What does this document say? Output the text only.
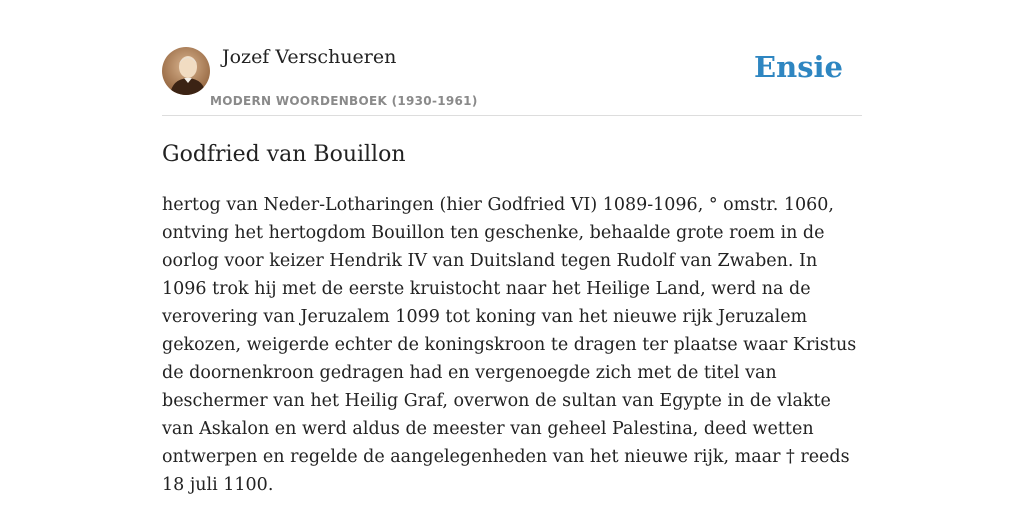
Jozef Verschueren
MODERN WOORDENBOEK (1930-1961)
Ensie
Godfried van Bouillon

hertog van Neder-Lotharingen (hier Godfried VI) 1089-1096, ° omstr. 1060, ontving het hertogdom Bouillon ten geschenke, behaalde grote roem in de oorlog voor keizer Hendrik IV van Duitsland tegen Rudolf van Zwaben. In 1096 trok hij met de eerste kruistocht naar het Heilige Land, werd na de verovering van Jeruzalem 1099 tot koning van het nieuwe rijk Jeruzalem gekozen, weigerde echter de koningskroon te dragen ter plaatse waar Kristus de doornenkroon gedragen had en vergenoegde zich met de titel van beschermer van het Heilig Graf, overwon de sultan van Egypte in de vlakte van Askalon en werd aldus de meester van geheel Palestina, deed wetten ontwerpen en regelde de aangelegenheden van het nieuwe rijk, maar † reeds 18 juli 1100.
